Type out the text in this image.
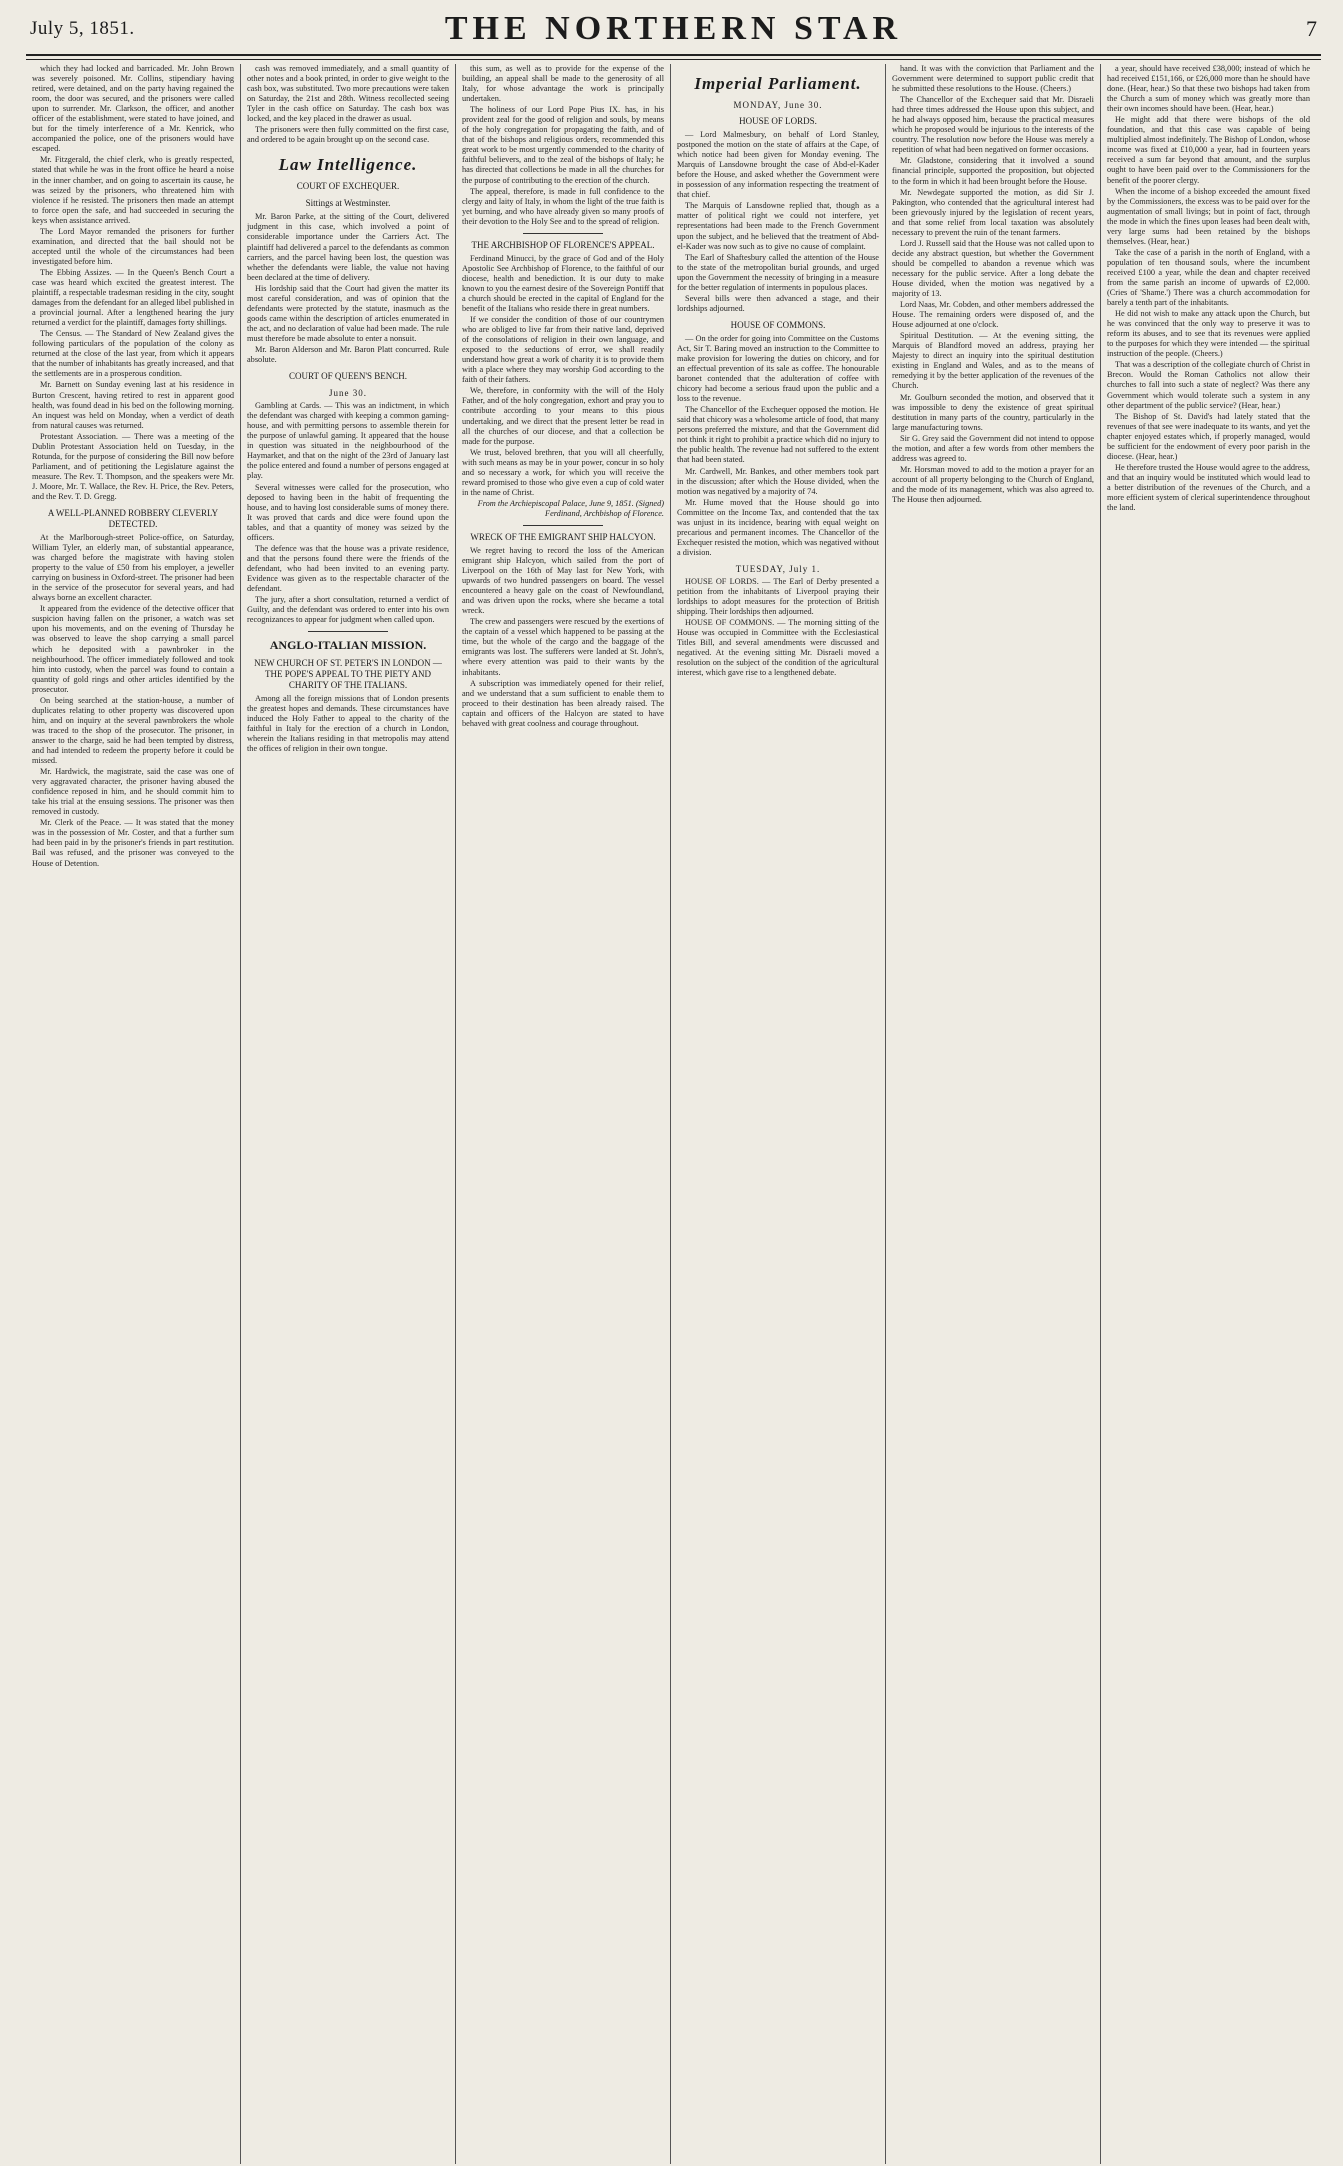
July 5, 1851.	THE NORTHERN STAR	7

which they had locked and barricaded. Mr. John Brown was severely poisoned. Mr. Collins, stipendiary having retired, were detained, and on the party having regained the room, the door was secured, and the prisoners were called upon to surrender. Mr. Clarkson, the officer, and another officer of the establishment, were stated to have joined, and but for the timely interference of a Mr. Kenrick, who accompanied the police, one of the prisoners would have escaped.

Mr. Fitzgerald, the chief clerk, who is greatly respected, stated that while he was in the front office he heard a noise in the inner chamber, and on going to ascertain its cause, he was seized by the prisoners, who threatened him with violence if he resisted. The prisoners then made an attempt to force open the safe, and had succeeded in securing the keys when assistance arrived.

The Lord Mayor remanded the prisoners for further examination, and directed that the bail should not be accepted until the whole of the circumstances had been investigated before him.

The Ebbing Assizes. — In the Queen's Bench Court a case was heard which excited the greatest interest. The plaintiff, a respectable tradesman residing in the city, sought damages from the defendant for an alleged libel published in a provincial journal. After a lengthened hearing the jury returned a verdict for the plaintiff, damages forty shillings.

The Census. — The Standard of New Zealand gives the following particulars of the population of the colony as returned at the close of the last year, from which it appears that the number of inhabitants has greatly increased, and that the settlements are in a prosperous condition.

Mr. Barnett on Sunday evening last at his residence in Burton Crescent, having retired to rest in apparent good health, was found dead in his bed on the following morning. An inquest was held on Monday, when a verdict of death from natural causes was returned.

Protestant Association. — There was a meeting of the Dublin Protestant Association held on Tuesday, in the Rotunda, for the purpose of considering the Bill now before Parliament, and of petitioning the Legislature against the measure. The Rev. T. Thompson, and the speakers were Mr. J. Moore, Mr. T. Wallace, the Rev. H. Price, the Rev. Peters, and the Rev. T. D. Gregg.

A WELL-PLANNED ROBBERY CLEVERLY DETECTED.

At the Marlborough-street Police-office, on Saturday, William Tyler, an elderly man, of substantial appearance, was charged before the magistrate with having stolen property to the value of £50 from his employer, a jeweller carrying on business in Oxford-street. The prisoner had been in the service of the prosecutor for several years, and had always borne an excellent character.

It appeared from the evidence of the detective officer that suspicion having fallen on the prisoner, a watch was set upon his movements, and on the evening of Thursday he was observed to leave the shop carrying a small parcel which he deposited with a pawnbroker in the neighbourhood. The officer immediately followed and took him into custody, when the parcel was found to contain a quantity of gold rings and other articles identified by the prosecutor.

On being searched at the station-house, a number of duplicates relating to other property was discovered upon him, and on inquiry at the several pawnbrokers the whole was traced to the shop of the prosecutor. The prisoner, in answer to the charge, said he had been tempted by distress, and had intended to redeem the property before it could be missed.

Mr. Hardwick, the magistrate, said the case was one of very aggravated character, the prisoner having abused the confidence reposed in him, and he should commit him to take his trial at the ensuing sessions. The prisoner was then removed in custody.

Mr. Clerk of the Peace. — It was stated that the money was in the possession of Mr. Coster, and that a further sum had been paid in by the prisoner's friends in part restitution. Bail was refused, and the prisoner was conveyed to the House of Detention.

cash was removed immediately, and a small quantity of other notes and a book printed, in order to give weight to the cash box, was substituted. Two more precautions were taken on Saturday, the 21st and 28th. Witness recollected seeing Tyler in the cash office on Saturday. The cash box was locked, and the key placed in the drawer as usual.

The prisoners were then fully committed on the first case, and ordered to be again brought up on the second case.

Law Intelligence.
COURT OF EXCHEQUER.
Sittings at Westminster.

Mr. Baron Parke, at the sitting of the Court, delivered judgment in this case, which involved a point of considerable importance under the Carriers Act. The plaintiff had delivered a parcel to the defendants as common carriers, and the parcel having been lost, the question was whether the defendants were liable, the value not having been declared at the time of delivery.

His lordship said that the Court had given the matter its most careful consideration, and was of opinion that the defendants were protected by the statute, inasmuch as the goods came within the description of articles enumerated in the act, and no declaration of value had been made. The rule must therefore be made absolute to enter a nonsuit.

Mr. Baron Alderson and Mr. Baron Platt concurred. Rule absolute.

COURT OF QUEEN'S BENCH.
June 30.

Gambling at Cards. — This was an indictment, in which the defendant was charged with keeping a common gaming-house, and with permitting persons to assemble therein for the purpose of unlawful gaming. It appeared that the house in question was situated in the neighbourhood of the Haymarket, and that on the night of the 23rd of January last the police entered and found a number of persons engaged at play.

Several witnesses were called for the prosecution, who deposed to having been in the habit of frequenting the house, and to having lost considerable sums of money there. It was proved that cards and dice were found upon the tables, and that a quantity of money was seized by the officers.

The defence was that the house was a private residence, and that the persons found there were the friends of the defendant, who had been invited to an evening party. Evidence was given as to the respectable character of the defendant.

The jury, after a short consultation, returned a verdict of Guilty, and the defendant was ordered to enter into his own recognizances to appear for judgment when called upon.

ANGLO-ITALIAN MISSION.
NEW CHURCH OF ST. PETER'S IN LONDON — THE POPE'S APPEAL TO THE PIETY AND CHARITY OF THE ITALIANS.

Among all the foreign missions that of London presents the greatest hopes and demands. These circumstances have induced the Holy Father to appeal to the charity of the faithful in Italy for the erection of a church in London, wherein the Italians residing in that metropolis may attend the offices of religion in their own tongue.

this sum, as well as to provide for the expense of the building, an appeal shall be made to the generosity of all Italy, for whose advantage the work is principally undertaken.

The holiness of our Lord Pope Pius IX. has, in his provident zeal for the good of religion and souls, by means of the holy congregation for propagating the faith, and of that of the bishops and religious orders, recommended this great work to be most urgently commended to the charity of faithful believers, and to the zeal of the bishops of Italy; he has directed that collections be made in all the churches for the purpose of contributing to the erection of the church.

The appeal, therefore, is made in full confidence to the clergy and laity of Italy, in whom the light of the true faith is yet burning, and who have already given so many proofs of their devotion to the Holy See and to the spread of religion.

THE ARCHBISHOP OF FLORENCE'S APPEAL.

Ferdinand Minucci, by the grace of God and of the Holy Apostolic See Archbishop of Florence, to the faithful of our diocese, health and benediction. It is our duty to make known to you the earnest desire of the Sovereign Pontiff that a church should be erected in the capital of England for the benefit of the Italians who reside there in great numbers.

If we consider the condition of those of our countrymen who are obliged to live far from their native land, deprived of the consolations of religion in their own language, and exposed to the seductions of error, we shall readily understand how great a work of charity it is to provide them with a place where they may worship God according to the faith of their fathers.

We, therefore, in conformity with the will of the Holy Father, and of the holy congregation, exhort and pray you to contribute according to your means to this pious undertaking, and we direct that the present letter be read in all the churches of our diocese, and that a collection be made for the purpose.

We trust, beloved brethren, that you will all cheerfully, with such means as may be in your power, concur in so holy and so necessary a work, for which you will receive the reward promised to those who give even a cup of cold water in the name of Christ.

From the Archiepiscopal Palace, June 9, 1851. (Signed) Ferdinand, Archbishop of Florence.

WRECK OF THE EMIGRANT SHIP HALCYON.

We regret having to record the loss of the American emigrant ship Halcyon, which sailed from the port of Liverpool on the 16th of May last for New York, with upwards of two hundred passengers on board. The vessel encountered a heavy gale on the coast of Newfoundland, and was driven upon the rocks, where she became a total wreck.

The crew and passengers were rescued by the exertions of the captain of a vessel which happened to be passing at the time, but the whole of the cargo and the baggage of the emigrants was lost. The sufferers were landed at St. John's, where every attention was paid to their wants by the inhabitants.

A subscription was immediately opened for their relief, and we understand that a sum sufficient to enable them to proceed to their destination has been already raised. The captain and officers of the Halcyon are stated to have behaved with great coolness and courage throughout.

Imperial Parliament.
MONDAY, June 30.
HOUSE OF LORDS.

— Lord Malmesbury, on behalf of Lord Stanley, postponed the motion on the state of affairs at the Cape, of which notice had been given for Monday evening. The Marquis of Lansdowne brought the case of Abd-el-Kader before the House, and asked whether the Government were in possession of any information respecting the treatment of that chief.

The Marquis of Lansdowne replied that, though as a matter of political right we could not interfere, yet representations had been made to the French Government upon the subject, and he believed that the treatment of Abd-el-Kader was now such as to give no cause of complaint.

The Earl of Shaftesbury called the attention of the House to the state of the metropolitan burial grounds, and urged upon the Government the necessity of bringing in a measure for the better regulation of interments in populous places.

Several bills were then advanced a stage, and their lordships adjourned.

HOUSE OF COMMONS.

— On the order for going into Committee on the Customs Act, Sir T. Baring moved an instruction to the Committee to make provision for lowering the duties on chicory, and for an effectual prevention of its sale as coffee. The honourable baronet contended that the adulteration of coffee with chicory had become a serious fraud upon the public and a loss to the revenue.

The Chancellor of the Exchequer opposed the motion. He said that chicory was a wholesome article of food, that many persons preferred the mixture, and that the Government did not think it right to prohibit a practice which did no injury to the public health. The revenue had not suffered to the extent that had been stated.

Mr. Cardwell, Mr. Bankes, and other members took part in the discussion; after which the House divided, when the motion was negatived by a majority of 74.

Mr. Hume moved that the House should go into Committee on the Income Tax, and contended that the tax was unjust in its incidence, bearing with equal weight on precarious and permanent incomes. The Chancellor of the Exchequer resisted the motion, which was negatived without a division.

TUESDAY, July 1.

HOUSE OF LORDS. — The Earl of Derby presented a petition from the inhabitants of Liverpool praying their lordships to adopt measures for the protection of British shipping. Their lordships then adjourned.

HOUSE OF COMMONS. — The morning sitting of the House was occupied in Committee with the Ecclesiastical Titles Bill, and several amendments were discussed and negatived. At the evening sitting Mr. Disraeli moved a resolution on the subject of the condition of the agricultural interest, which gave rise to a lengthened debate.

hand. It was with the conviction that Parliament and the Government were determined to support public credit that he submitted these resolutions to the House. (Cheers.)

The Chancellor of the Exchequer said that Mr. Disraeli had three times addressed the House upon this subject, and he had always opposed him, because the practical measures which he proposed would be injurious to the interests of the country. The resolution now before the House was merely a repetition of what had been negatived on former occasions.

Mr. Gladstone, considering that it involved a sound financial principle, supported the proposition, but objected to the form in which it had been brought before the House.

Mr. Newdegate supported the motion, as did Sir J. Pakington, who contended that the agricultural interest had been grievously injured by the legislation of recent years, and that some relief from local taxation was absolutely necessary to prevent the ruin of the tenant farmers.

Lord J. Russell said that the House was not called upon to decide any abstract question, but whether the Government should be compelled to abandon a revenue which was necessary for the public service. After a long debate the House divided, when the motion was negatived by a majority of 13.

Lord Naas, Mr. Cobden, and other members addressed the House. The remaining orders were disposed of, and the House adjourned at one o'clock.

Spiritual Destitution. — At the evening sitting, the Marquis of Blandford moved an address, praying her Majesty to direct an inquiry into the spiritual destitution existing in England and Wales, and as to the means of remedying it by the better application of the revenues of the Church.

Mr. Goulburn seconded the motion, and observed that it was impossible to deny the existence of great spiritual destitution in many parts of the country, particularly in the large manufacturing towns.

Sir G. Grey said the Government did not intend to oppose the motion, and after a few words from other members the address was agreed to.

Mr. Horsman moved to add to the motion a prayer for an account of all property belonging to the Church of England, and the mode of its management, which was also agreed to. The House then adjourned.

a year, should have received £38,000; instead of which he had received £151,166, or £26,000 more than he should have done. (Hear, hear.) So that these two bishops had taken from the Church a sum of money which was greatly more than their own incomes should have been. (Hear, hear.)

He might add that there were bishops of the old foundation, and that this case was capable of being multiplied almost indefinitely. The Bishop of London, whose income was fixed at £10,000 a year, had in fourteen years received a sum far beyond that amount, and the surplus ought to have been paid over to the Commissioners for the benefit of the poorer clergy.

When the income of a bishop exceeded the amount fixed by the Commissioners, the excess was to be paid over for the augmentation of small livings; but in point of fact, through the mode in which the fines upon leases had been dealt with, very large sums had been retained by the bishops themselves. (Hear, hear.)

Take the case of a parish in the north of England, with a population of ten thousand souls, where the incumbent received £100 a year, while the dean and chapter received from the same parish an income of upwards of £2,000. (Cries of 'Shame.') There was a church accommodation for barely a tenth part of the inhabitants.

He did not wish to make any attack upon the Church, but he was convinced that the only way to preserve it was to reform its abuses, and to see that its revenues were applied to the purposes for which they were intended — the spiritual instruction of the people. (Cheers.)

That was a description of the collegiate church of Christ in Brecon. Would the Roman Catholics not allow their churches to fall into such a state of neglect? Was there any Government which would tolerate such a system in any other department of the public service? (Hear, hear.)

The Bishop of St. David's had lately stated that the revenues of that see were inadequate to its wants, and yet the chapter enjoyed estates which, if properly managed, would be sufficient for the endowment of every poor parish in the diocese. (Hear, hear.)

He therefore trusted the House would agree to the address, and that an inquiry would be instituted which would lead to a better distribution of the revenues of the Church, and a more efficient system of clerical superintendence throughout the land.
